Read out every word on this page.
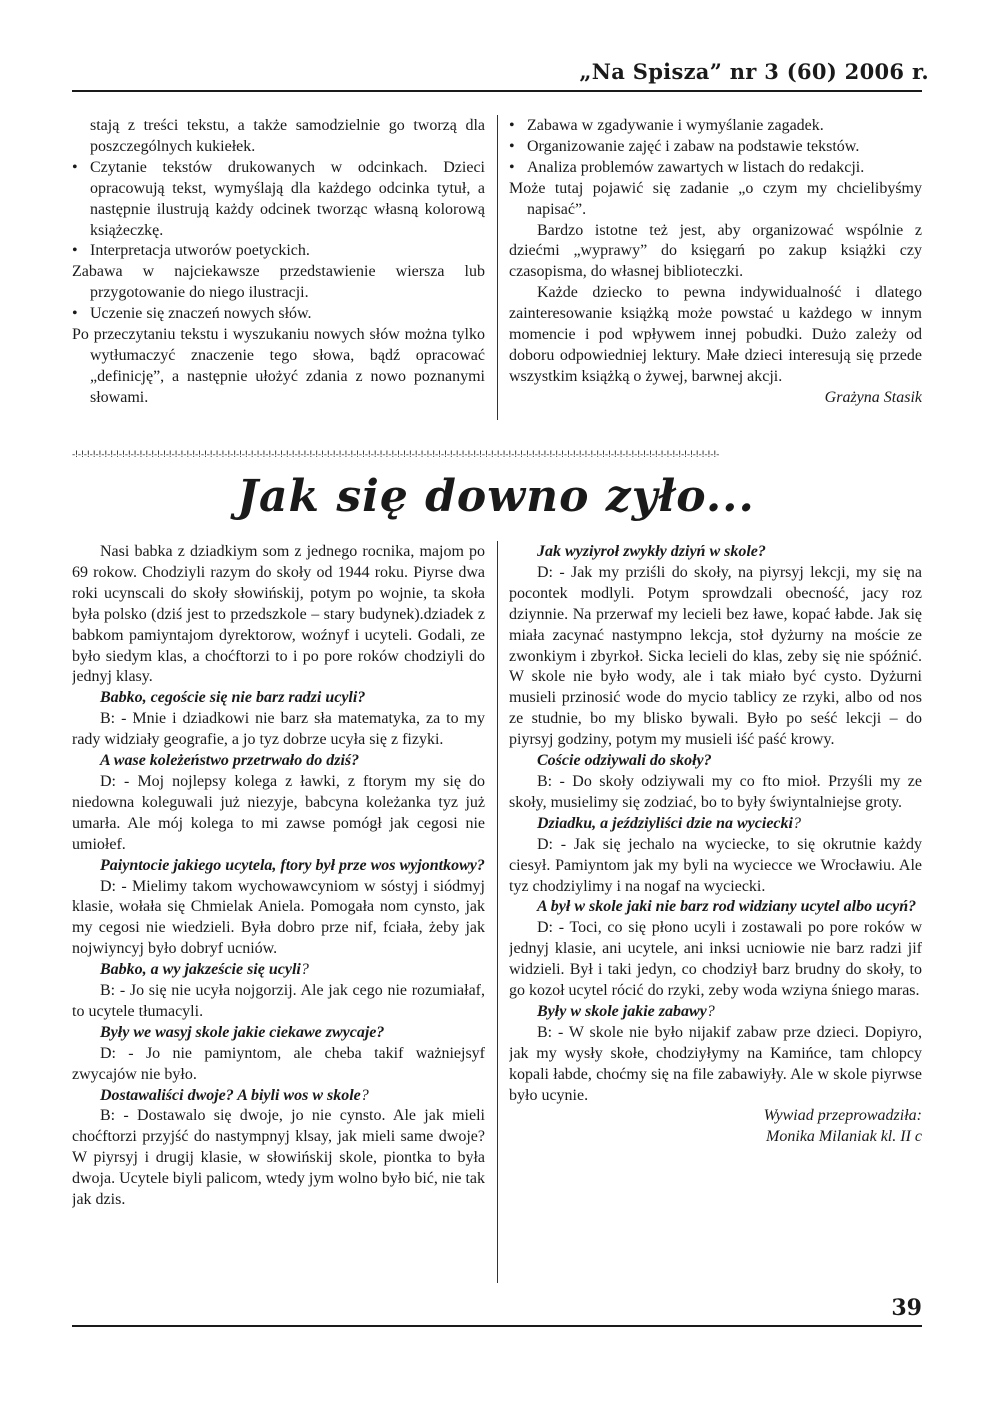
„Na Spisza” nr 3 (60) 2006 r.

stają z treści tekstu, a także samodzielnie go tworzą dla poszczególnych kukiełek.

• Czytanie tekstów drukowanych w odcinkach. Dzieci opracowują tekst, wymyślają dla każdego odcinka tytuł, a następnie ilustrują każdy odcinek tworząc własną kolorową książeczkę.

• Interpretacja utworów poetyckich.

Zabawa w najciekawsze przedstawienie wiersza lub przygotowanie do niego ilustracji.

• Uczenie się znaczeń nowych słów.

Po przeczytaniu tekstu i wyszukaniu nowych słów można tylko wytłumaczyć znaczenie tego słowa, bądź opracować „definicję”, a następnie ułożyć zdania z nowo poznanymi słowami.

• Zabawa w zgadywanie i wymyślanie zagadek.

• Organizowanie zajęć i zabaw na podstawie tekstów.

• Analiza problemów zawartych w listach do redakcji.

Może tutaj pojawić się zadanie „o czym my chcielibyśmy napisać”.

Bardzo istotne też jest, aby organizować wspólnie z dziećmi „wyprawy” do księgarń po zakup książki czy czasopisma, do własnej biblioteczki.

Każde dziecko to pewna indywidualność i dlatego zainteresowanie książką może powstać u każdego w innym momencie i pod wpływem innej pobudki. Dużo zależy od doboru odpowiedniej lektury. Małe dzieci interesują się przede wszystkim książką o żywej, barwnej akcji.

Grażyna Stasik

-!-!-!-!-!-!-!-!-!-!-!-!-!-!-!-!-!-!-!-!-!-!-!-!-!-!-!-!-!-!-!-!-!-!-!-!-!-!-!-!-!-!-!-!-!-!-!-!-!-!-!-!-!-!-!-!-!-!-!-!-!-!-!-!-!-!-!-!-!-!-!-!-!-!-!-!-!-!-!-!-!-!-!-!-!-!-!-!-!-!-!-!-!-!-!-!-!-!-!-!-!-!-!-!-!-!-!-!-!-!-
Jak się downo zyło...

Nasi babka z dziadkiym som z jednego rocnika, majom po 69 rokow. Chodziyli razym do skoły od 1944 roku. Piyrse dwa roki ucynscali do skoły słowińskij, potym po wojnie, ta skoła była polsko (dziś jest to przedszkole – stary budynek).dziadek z babkom pamiyntajom dyrektorow, woźnyf i ucyteli. Godali, ze było siedym klas, a choćftorzi to i po pore roków chodziyli do jednyj klasy.

Babko, cegoście się nie barz radzi ucyli?

B: - Mnie i dziadkowi nie barz sła matematyka, za to my rady widziały geografie, a jo tyz dobrze ucyła się z fizyki.

A wase koleżeństwo przetrwało do dziś?

D: - Moj nojlepsy kolega z ławki, z ftorym my się do niedowna koleguwali już niezyje, babcyna koleżanka tyz już umarła. Ale mój kolega to mi zawse pomógł jak cegosi nie umiołef.

Paiyntocie jakiego ucytela, ftory był prze wos wyjontkowy?

D: - Mielimy takom wychowawcyniom w sóstyj i siódmyj klasie, wołała się Chmielak Aniela. Pomogała nom cynsto, jak my cegosi nie wiedzieli. Była dobro prze nif, fciała, żeby jak nojwiyncyj było dobryf ucniów.

Babko, a wy jakzeście się ucyli?

B: - Jo się nie ucyła nojgorzij. Ale jak cego nie rozumiałaf, to ucytele tłumacyli.

Były we wasyj skole jakie ciekawe zwycaje?

D: - Jo nie pamiyntom, ale cheba takif ważniejsyf zwycajów nie było.

Dostawaliści dwoje? A biyli wos w skole?

B: - Dostawalo się dwoje, jo nie cynsto. Ale jak mieli choćftorzi przyjść do nastympnyj klsay, jak mieli same dwoje? W piyrsyj i drugij klasie, w słowińskij skole, piontka to była dwoja. Ucytele biyli palicom, wtedy jym wolno było bić, nie tak jak dzis.

Jak wyziyroł zwykły dziyń w skole?

D: - Jak my prziśli do skoły, na piyrsyj lekcji, my się na pocontek modlyli. Potym sprowdzali obecność, jacy roz dziynnie. Na przerwaf my lecieli bez ławe, kopać łabde. Jak się miała zacynać nastympno lekcja, stoł dyżurny na moście ze zwonkiym i zbyrkoł. Sicka lecieli do klas, zeby się nie spóźnić. W skole nie było wody, ale i tak miało być cysto. Dyżurni musieli przinosić wode do mycio tablicy ze rzyki, albo od nos ze studnie, bo my blisko bywali. Było po seść lekcji – do piyrsyj godziny, potym my musieli iść paść krowy.

Coście odziywali do skoły?

B: - Do skoły odziywali my co fto mioł. Przyśli my ze skoły, musielimy się zodziać, bo to były świyntalniejse groty.

Dziadku, a jeździyliści dzie na wyciecki?

D: - Jak się jechalo na wyciecke, to się okrutnie każdy ciesył. Pamiyntom jak my byli na wyciecce we Wrocławiu. Ale tyz chodziylimy i na nogaf na wyciecki.

A był w skole jaki nie barz rod widziany ucytel albo ucyń?

D: - Toci, co się płono ucyli i zostawali po pore roków w jednyj klasie, ani ucytele, ani inksi ucniowie nie barz radzi jif widzieli. Był i taki jedyn, co chodziył barz brudny do skoły, to go kozoł ucytel rócić do rzyki, zeby woda wziyna śniego maras.

Były w skole jakie zabawy?

B: - W skole nie było nijakif zabaw prze dzieci. Dopiyro, jak my wysły skołe, chodziyłymy na Kamińce, tam chlopcy kopali łabde, choćmy się na file zabawiyły. Ale w skole piyrwse było ucynie.

Wywiad przeprowadziła:

Monika Milaniak kl. II c

39
